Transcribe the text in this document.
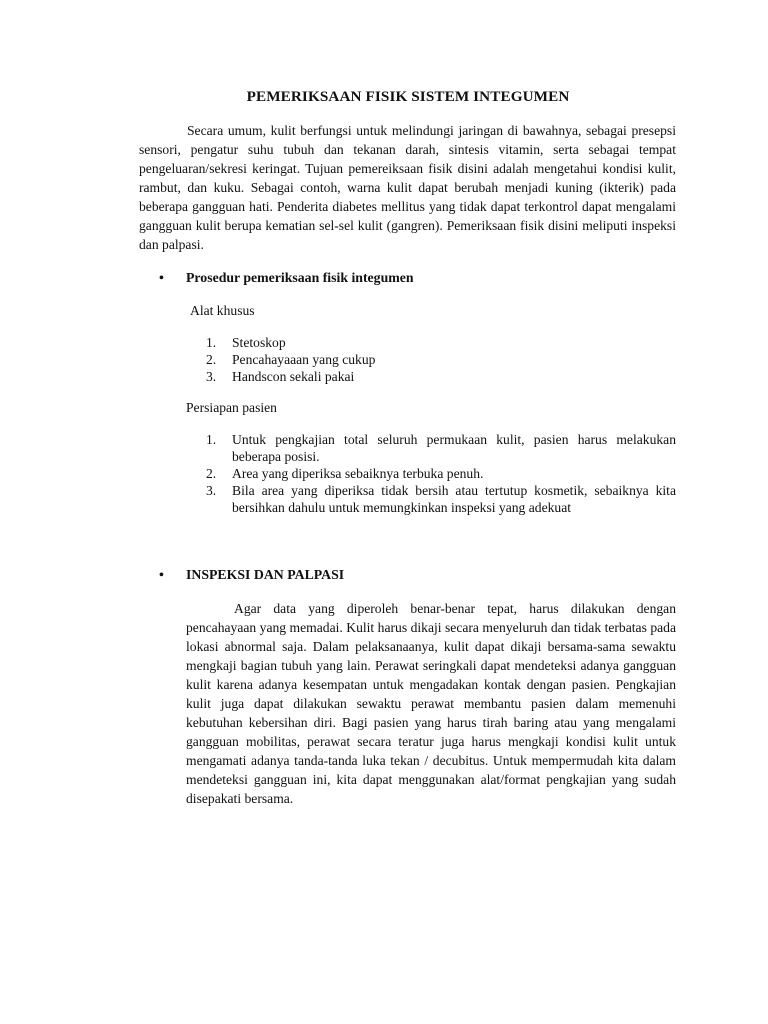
PEMERIKSAAN FISIK SISTEM INTEGUMEN

Secara umum, kulit berfungsi untuk melindungi jaringan di bawahnya, sebagai presepsi sensori, pengatur suhu tubuh dan tekanan darah, sintesis vitamin, serta sebagai tempat pengeluaran/sekresi keringat. Tujuan pemereiksaan fisik disini adalah mengetahui kondisi kulit, rambut, dan kuku. Sebagai contoh, warna kulit dapat berubah menjadi kuning (ikterik) pada beberapa gangguan hati. Penderita diabetes mellitus yang tidak dapat terkontrol dapat mengalami gangguan kulit berupa kematian sel-sel kulit (gangren). Pemeriksaan fisik disini meliputi inspeksi dan palpasi.

• Prosedur pemeriksaan fisik integumen

Alat khusus

1. Stetoskop
2. Pencahayaaan yang cukup
3. Handscon sekali pakai

Persiapan pasien

1. Untuk pengkajian total seluruh permukaan kulit, pasien harus melakukan beberapa posisi.
2. Area yang diperiksa sebaiknya terbuka penuh.
3. Bila area yang diperiksa tidak bersih atau tertutup kosmetik, sebaiknya kita bersihkan dahulu untuk memungkinkan inspeksi yang adekuat
• INSPEKSI DAN PALPASI

Agar data yang diperoleh benar-benar tepat, harus dilakukan dengan pencahayaan yang memadai. Kulit harus dikaji secara menyeluruh dan tidak terbatas pada lokasi abnormal saja. Dalam pelaksanaanya, kulit dapat dikaji bersama-sama sewaktu mengkaji bagian tubuh yang lain. Perawat seringkali dapat mendeteksi adanya gangguan kulit karena adanya kesempatan untuk mengadakan kontak dengan pasien. Pengkajian kulit juga dapat dilakukan sewaktu perawat membantu pasien dalam memenuhi kebutuhan kebersihan diri. Bagi pasien yang harus tirah baring atau yang mengalami gangguan mobilitas, perawat secara teratur juga harus mengkaji kondisi kulit untuk mengamati adanya tanda-tanda luka tekan / decubitus. Untuk mempermudah kita dalam mendeteksi gangguan ini, kita dapat menggunakan alat/format pengkajian yang sudah disepakati bersama.
